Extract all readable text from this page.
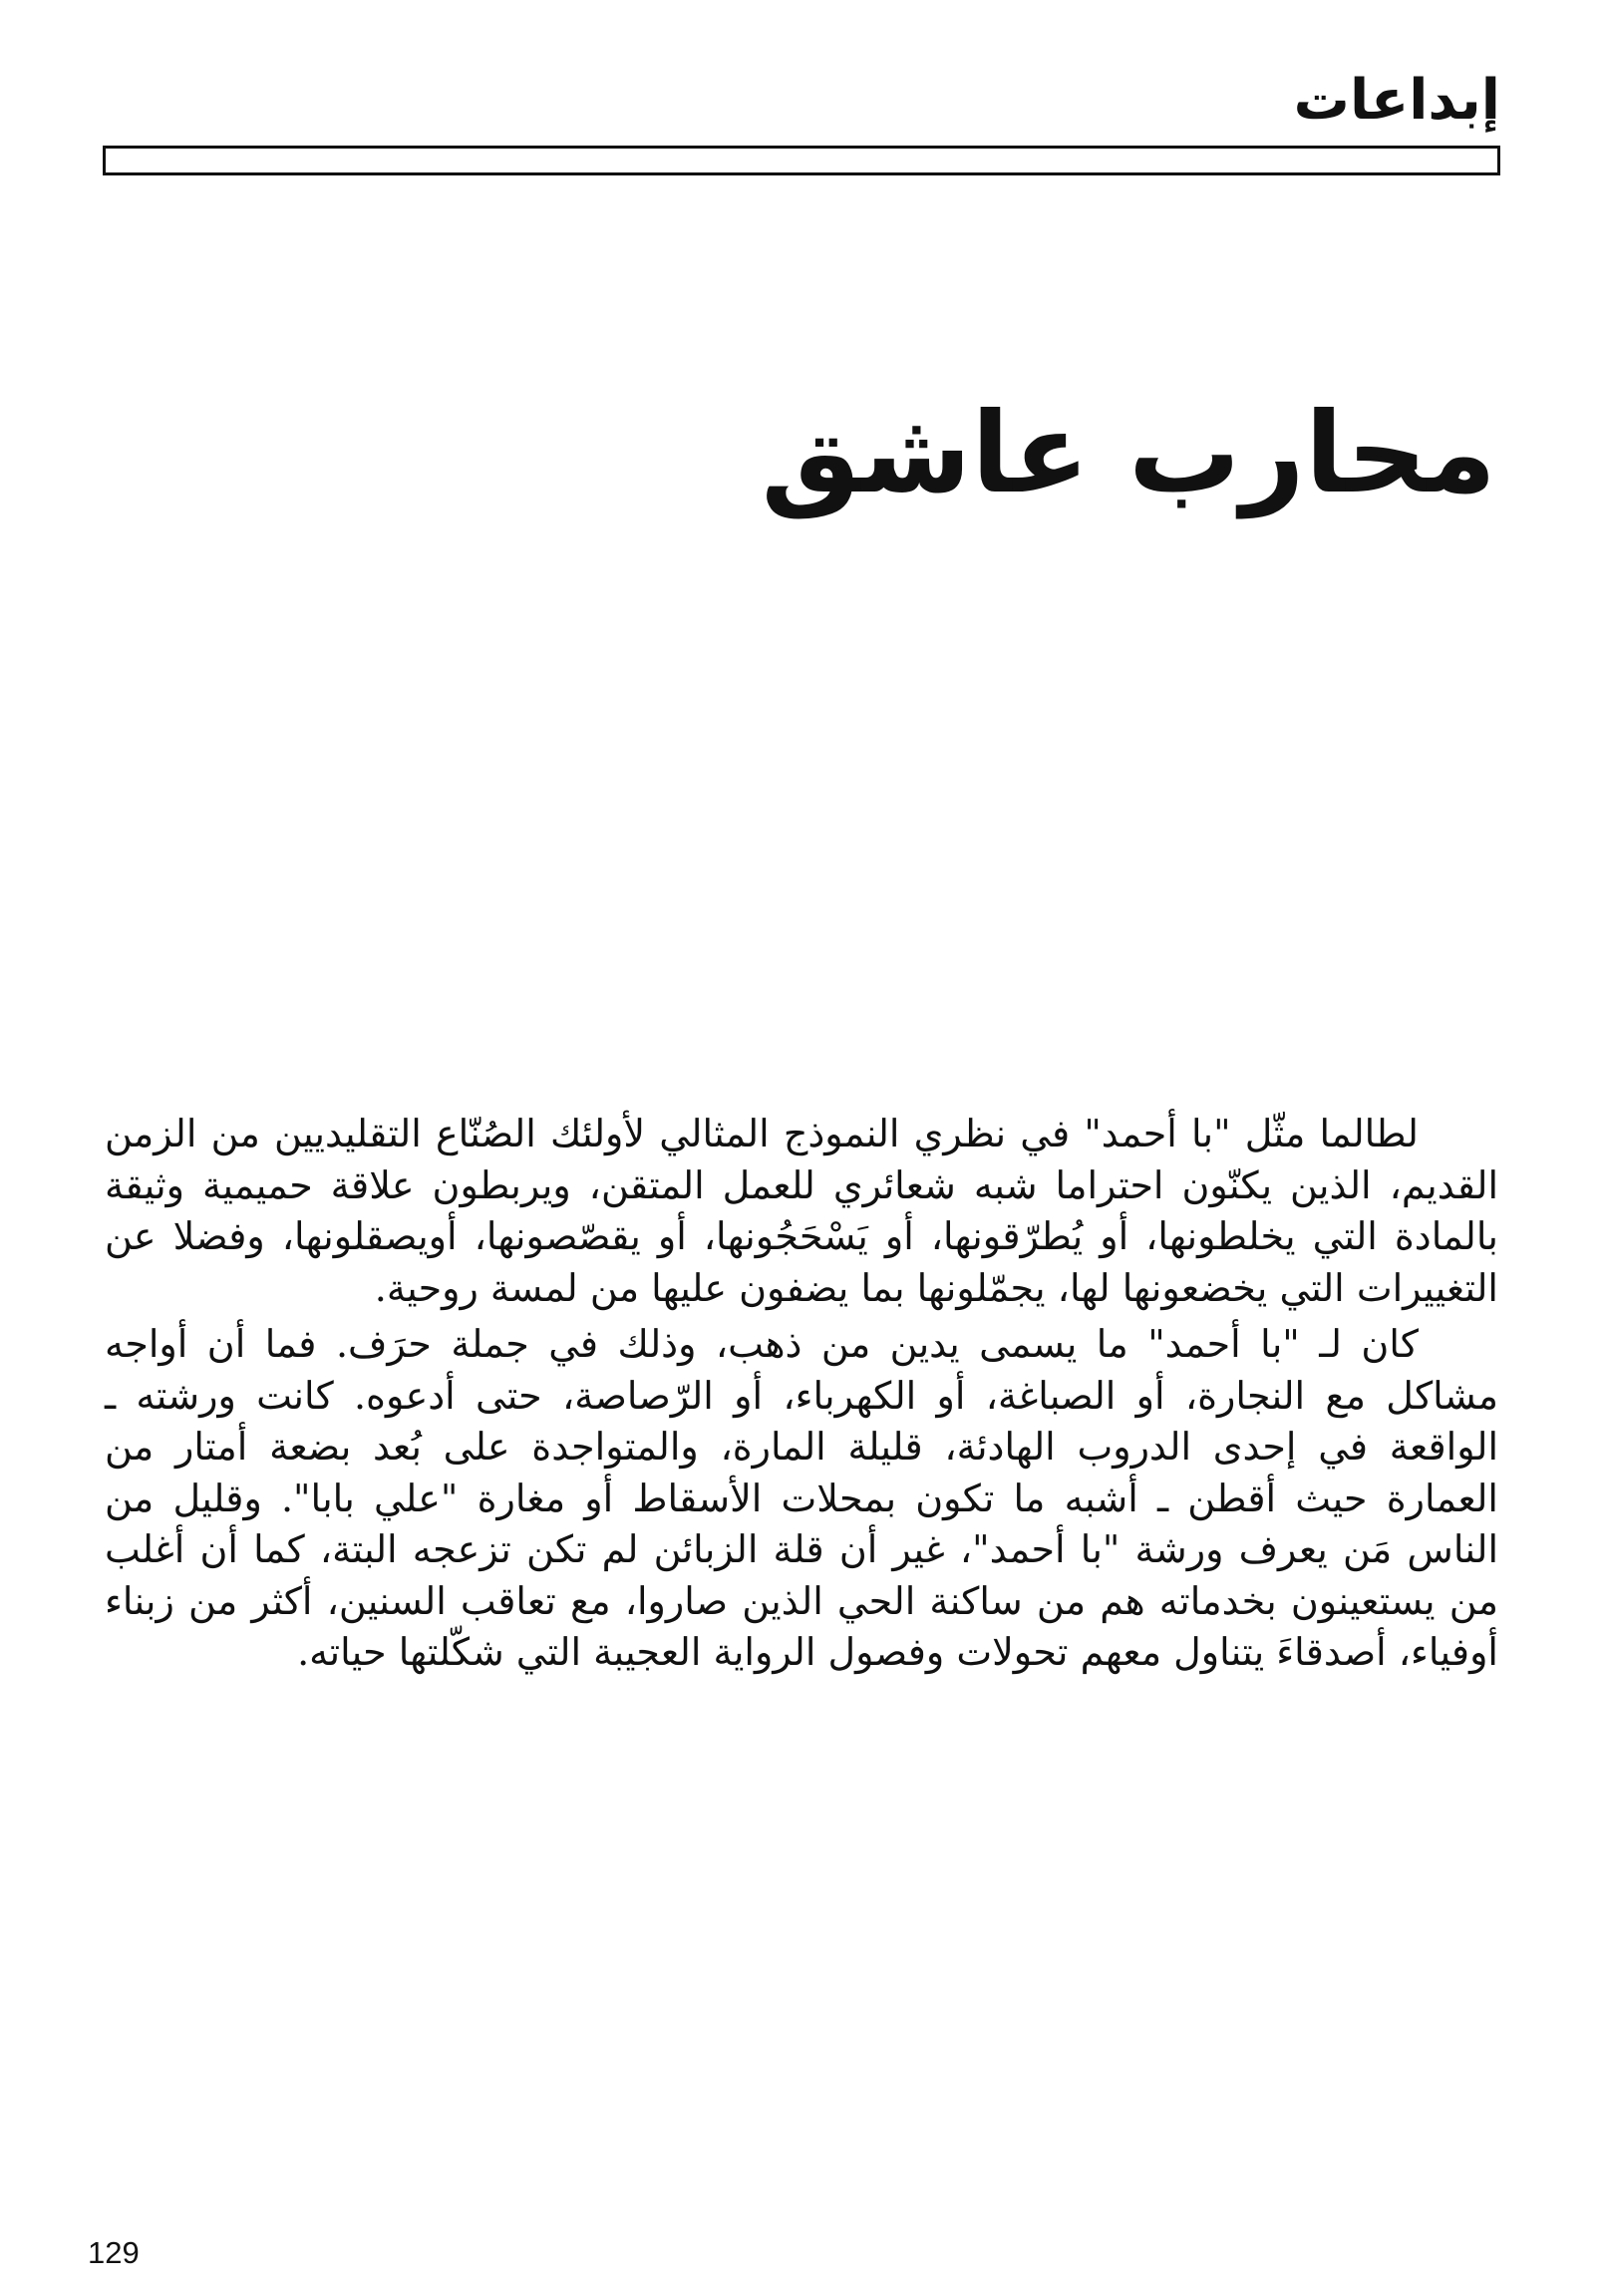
إبداعات
محارب عاشق

لطالما مثّل "با أحمد" في نظري النموذج المثالي لأولئك الصُنّاع التقليديين من الزمن القديم، الذين يكنّون احتراما شبه شعائري للعمل المتقن، ويربطون علاقة حميمية وثيقة بالمادة التي يخلطونها، أو يُطرّقونها، أو يَسْحَجُونها، أو يقصّصونها، أويصقلونها، وفضلا عن التغييرات التي يخضعونها لها، يجمّلونها بما يضفون عليها من لمسة روحية.

كان لـ "با أحمد" ما يسمى يدين من ذهب، وذلك في جملة حرَف. فما أن أواجه مشاكل مع النجارة، أو الصباغة، أو الكهرباء، أو الرّصاصة، حتى أدعوه. كانت ورشته ـ الواقعة في إحدى الدروب الهادئة، قليلة المارة، والمتواجدة على بُعد بضعة أمتار من العمارة حيث أقطن ـ أشبه ما تكون بمحلات الأسقاط أو مغارة "علي بابا". وقليل من الناس مَن يعرف ورشة "با أحمد"، غير أن قلة الزبائن لم تكن تزعجه البتة، كما أن أغلب من يستعينون بخدماته هم من ساكنة الحي الذين صاروا، مع تعاقب السنين، أكثر من زبناء أوفياء، أصدقاءَ يتناول معهم تحولات وفصول الرواية العجيبة التي شكّلتها حياته.

129
